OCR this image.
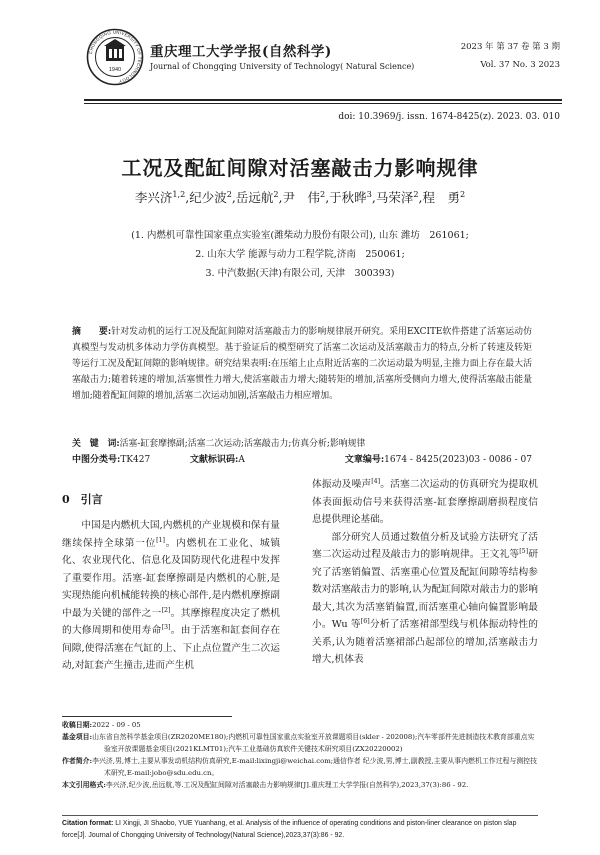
CHONGQING UNIVERSITY OF TECHNOLOGY
1940
重庆理工大学学报(自然科学)
Journal of Chongqing University of Technology( Natural Science)
2023 年 第 37 卷 第 3 期
Vol. 37 No. 3 2023
doi: 10.3969/j. issn. 1674-8425(z). 2023. 03. 010
工况及配缸间隙对活塞敲击力影响规律
李兴济$^{1,2}$,纪少波$^2$,岳远航$^2$,尹　伟$^2$,于秋晔$^3$,马荣泽$^2$,程　勇$^2$
(1. 内燃机可靠性国家重点实验室(潍柴动力股份有限公司), 山东 潍坊　261061;
2. 山东大学 能源与动力工程学院,济南　250061;
3. 中汽数据(天津)有限公司, 天津　300393)
摘　　要:针对发动机的运行工况及配缸间隙对活塞敲击力的影响规律展开研究。采用EXCITE软件搭建了活塞运动仿真模型与发动机多体动力学仿真模型。基于验证后的模型研究了活塞二次运动及活塞敲击力的特点,分析了转速及转矩等运行工况及配缸间隙的影响规律。研究结果表明:在压缩上止点附近活塞的二次运动最为明显,主推力面上存在最大活塞敲击力;随着转速的增加,活塞惯性力增大,使活塞敲击力增大;随转矩的增加,活塞所受侧向力增大,使得活塞敲击能量增加;随着配缸间隙的增加,活塞二次运动加剧,活塞敲击力相应增加。
关　键　词:活塞-缸套摩擦副;活塞二次运动;活塞敲击力;仿真分析;影响规律
中图分类号:TK427	文献标识码:A	文章编号:1674 - 8425(2023)03 - 0086 - 07
0　引言

中国是内燃机大国,内燃机的产业规模和保有量继续保持全球第一位[1]。内燃机在工业化、城镇化、农业现代化、信息化及国防现代化进程中发挥了重要作用。活塞-缸套摩擦副是内燃机的心脏,是实现热能向机械能转换的核心部件,是内燃机摩擦副中最为关键的部件之一[2]。其摩擦程度决定了燃机的大修周期和使用寿命[3]。由于活塞和缸套间存在间隙,使得活塞在气缸的上、下止点位置产生二次运动,对缸套产生撞击,进而产生机

体振动及噪声[4]。活塞二次运动的仿真研究为提取机体表面振动信号来获得活塞-缸套摩擦副磨损程度信息提供理论基础。

部分研究人员通过数值分析及试验方法研究了活塞二次运动过程及敲击力的影响规律。王文礼等[5]研究了活塞销偏置、活塞重心位置及配缸间隙等结构参数对活塞敲击力的影响,认为配缸间隙对敲击力的影响最大,其次为活塞销偏置,而活塞重心轴向偏置影响最小。Wu 等[6]分析了活塞裙部型线与机体振动特性的关系,认为随着活塞裙部凸起部位的增加,活塞敲击力增大,机体表

收稿日期:2022 - 09 - 05
基金项目:山东省自然科学基金项目(ZR2020ME180);内燃机可靠性国家重点实验室开放课题项目(skler - 202008);汽车零部件先进制造技术教育部重点实验室开放课题基金项目(2021KLMT01);汽车工业基础仿真软件关键技术研究项目(ZX20220002)
作者简介:李兴济,男,博士,主要从事发动机结构仿真研究,E-mail:lixingji@weichai.com;通信作者 纪少波,男,博士,副教授,主要从事内燃机工作过程与测控技术研究,E-mail:jobo@sdu.edu.cn。
本文引用格式:李兴济,纪少波,岳远航,等.工况及配缸间隙对活塞敲击力影响规律[J].重庆理工大学学报(自然科学),2023,37(3):86 - 92.
Citation format: LI Xingji, JI Shaobo, YUE Yuanhang, et al. Analysis of the influence of operating conditions and piston-liner clearance on piston slap force[J]. Journal of Chongqing University of Technology(Natural Science),2023,37(3):86 - 92.
